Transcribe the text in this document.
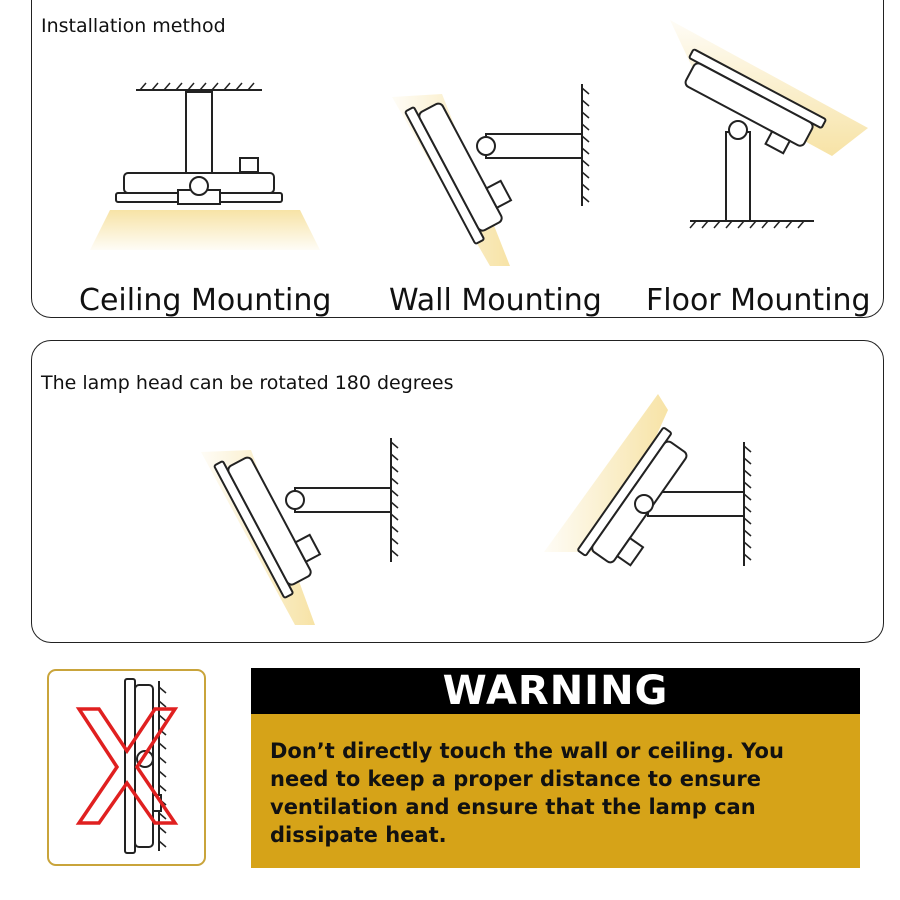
Installation method
Ceiling Mounting Wall Mounting Floor Mounting
The lamp head can be rotated 180 degrees
WARNING
Don’t directly touch the wall or ceiling. You need to keep a proper distance to ensure ventilation and ensure that the lamp can dissipate heat.
